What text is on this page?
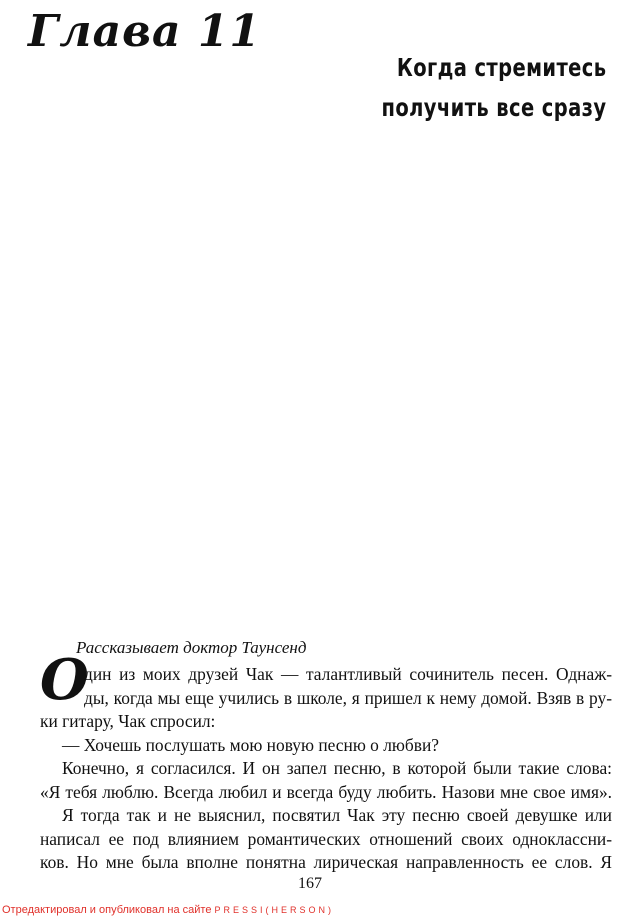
Глава 11
Когда стремитесь
получить все сразу
Рассказывает доктор Таунсенд
О
дин из моих друзей Чак — талантливый сочинитель песен. Однаж-
ды, когда мы еще учились в школе, я пришел к нему домой. Взяв в ру-
ки гитару, Чак спросил:
— Хочешь послушать мою новую песню о любви?
Конечно, я согласился. И он запел песню, в которой были такие слова:
«Я тебя люблю. Всегда любил и всегда буду любить. Назови мне свое имя».
Я тогда так и не выяснил, посвятил Чак эту песню своей девушке или
написал ее под влиянием романтических отношений своих одноклассни-
ков. Но мне была вполне понятна лирическая направленность ее слов. Я
167
Отредактировал и опубликовал на сайте PRESSI(HERSON)
